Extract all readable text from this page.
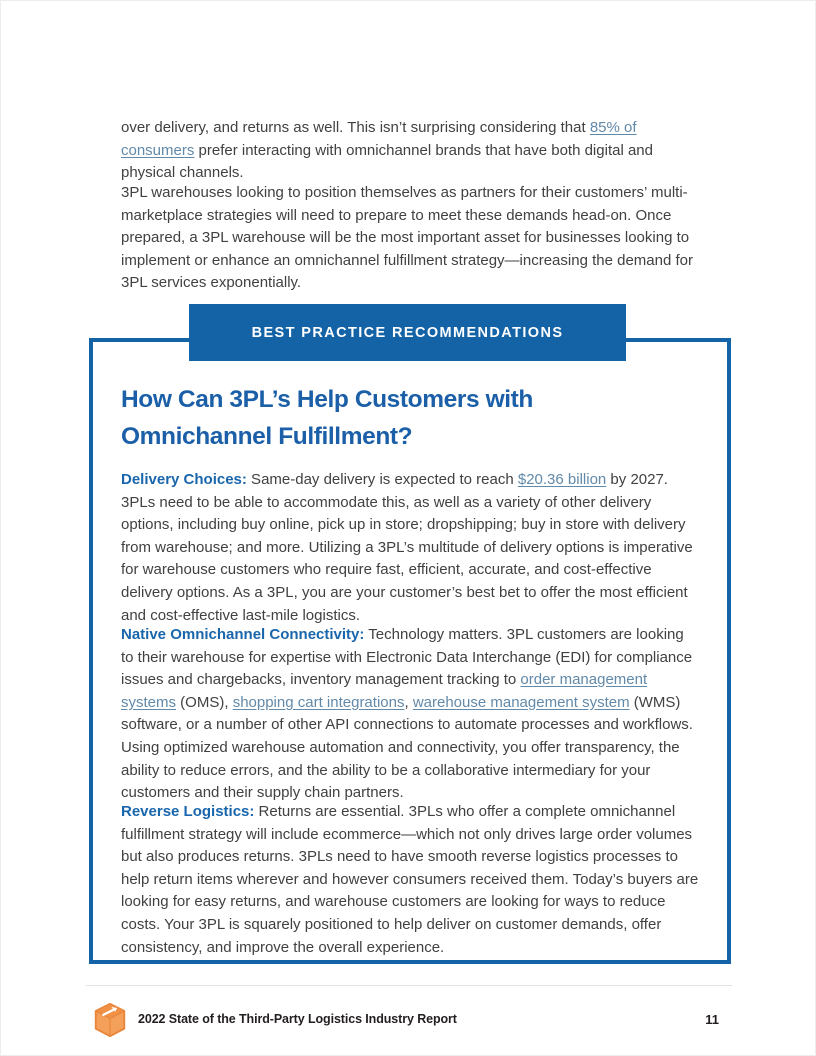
over delivery, and returns as well. This isn’t surprising considering that 85% of consumers prefer interacting with omnichannel brands that have both digital and physical channels.

3PL warehouses looking to position themselves as partners for their customers’ multi-marketplace strategies will need to prepare to meet these demands head-on. Once prepared, a 3PL warehouse will be the most important asset for businesses looking to implement or enhance an omnichannel fulfillment strategy—increasing the demand for 3PL services exponentially.

BEST PRACTICE RECOMMENDATIONS
How Can 3PL’s Help Customers with
Omnichannel Fulfillment?

Delivery Choices: Same-day delivery is expected to reach $20.36 billion by 2027. 3PLs need to be able to accommodate this, as well as a variety of other delivery options, including buy online, pick up in store; dropshipping; buy in store with delivery from warehouse; and more. Utilizing a 3PL’s multitude of delivery options is imperative for warehouse customers who require fast, efficient, accurate, and cost-effective delivery options. As a 3PL, you are your customer’s best bet to offer the most efficient and cost-effective last-mile logistics.

Native Omnichannel Connectivity: Technology matters. 3PL customers are looking to their warehouse for expertise with Electronic Data Interchange (EDI) for compliance issues and chargebacks, inventory management tracking to order management systems (OMS), shopping cart integrations, warehouse management system (WMS) software, or a number of other API connections to automate processes and workflows. Using optimized warehouse automation and connectivity, you offer transparency, the ability to reduce errors, and the ability to be a collaborative intermediary for your customers and their supply chain partners.

Reverse Logistics: Returns are essential. 3PLs who offer a complete omnichannel fulfillment strategy will include ecommerce—which not only drives large order volumes but also produces returns. 3PLs need to have smooth reverse logistics processes to help return items wherever and however consumers received them. Today’s buyers are looking for easy returns, and warehouse customers are looking for ways to reduce costs. Your 3PL is squarely positioned to help deliver on customer demands, offer consistency, and improve the overall experience.

2022 State of the Third-Party Logistics Industry Report	11
